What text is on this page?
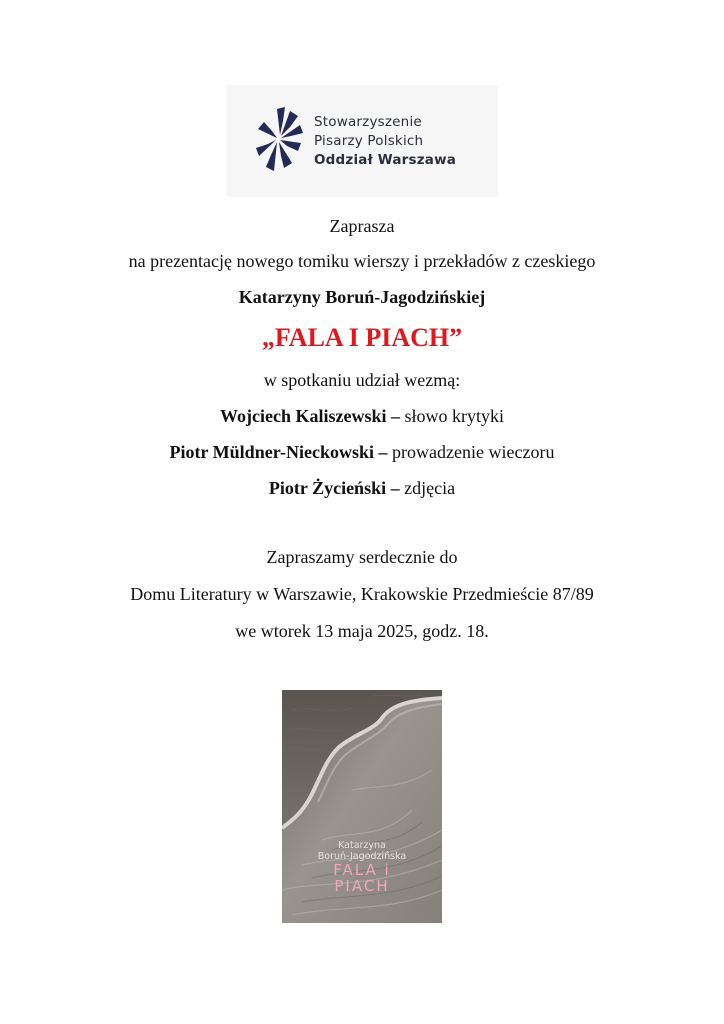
Stowarzyszenie
Pisarzy Polskich
Oddział Warszawa
Zaprasza
na prezentację nowego tomiku wierszy i przekładów z czeskiego
Katarzyny Boruń-Jagodzińskiej
„FALA I PIACH”
w spotkaniu udział wezmą:
Wojciech Kaliszewski – słowo krytyki
Piotr Müldner-Nieckowski – prowadzenie wieczoru
Piotr Życieński – zdjęcia
Zapraszamy serdecznie do
Domu Literatury w Warszawie, Krakowskie Przedmieście 87/89
we wtorek 13 maja 2025, godz. 18.
Katarzyna
Boruń-Jagodzińska
FALA i
PIACH
